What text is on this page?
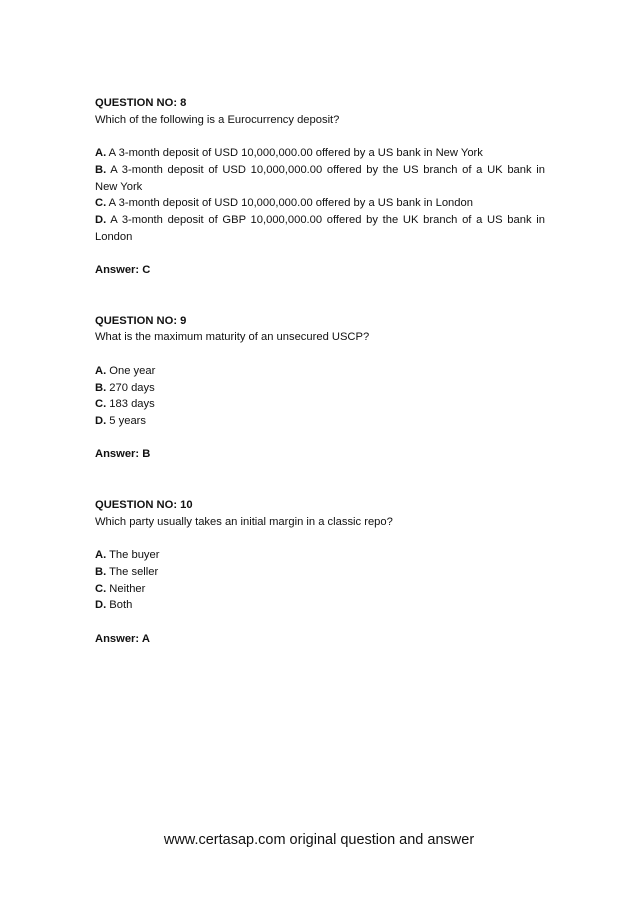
QUESTION NO: 8
Which of the following is a Eurocurrency deposit?
A. A 3-month deposit of USD 10,000,000.00 offered by a US bank in New York
B. A 3-month deposit of USD 10,000,000.00 offered by the US branch of a UK bank in New York
C. A 3-month deposit of USD 10,000,000.00 offered by a US bank in London
D. A 3-month deposit of GBP 10,000,000.00 offered by the UK branch of a US bank in London
Answer: C
QUESTION NO: 9
What is the maximum maturity of an unsecured USCP?
A. One year
B. 270 days
C. 183 days
D. 5 years
Answer: B
QUESTION NO: 10
Which party usually takes an initial margin in a classic repo?
A. The buyer
B. The seller
C. Neither
D. Both
Answer: A
www.certasap.com original question and answer
